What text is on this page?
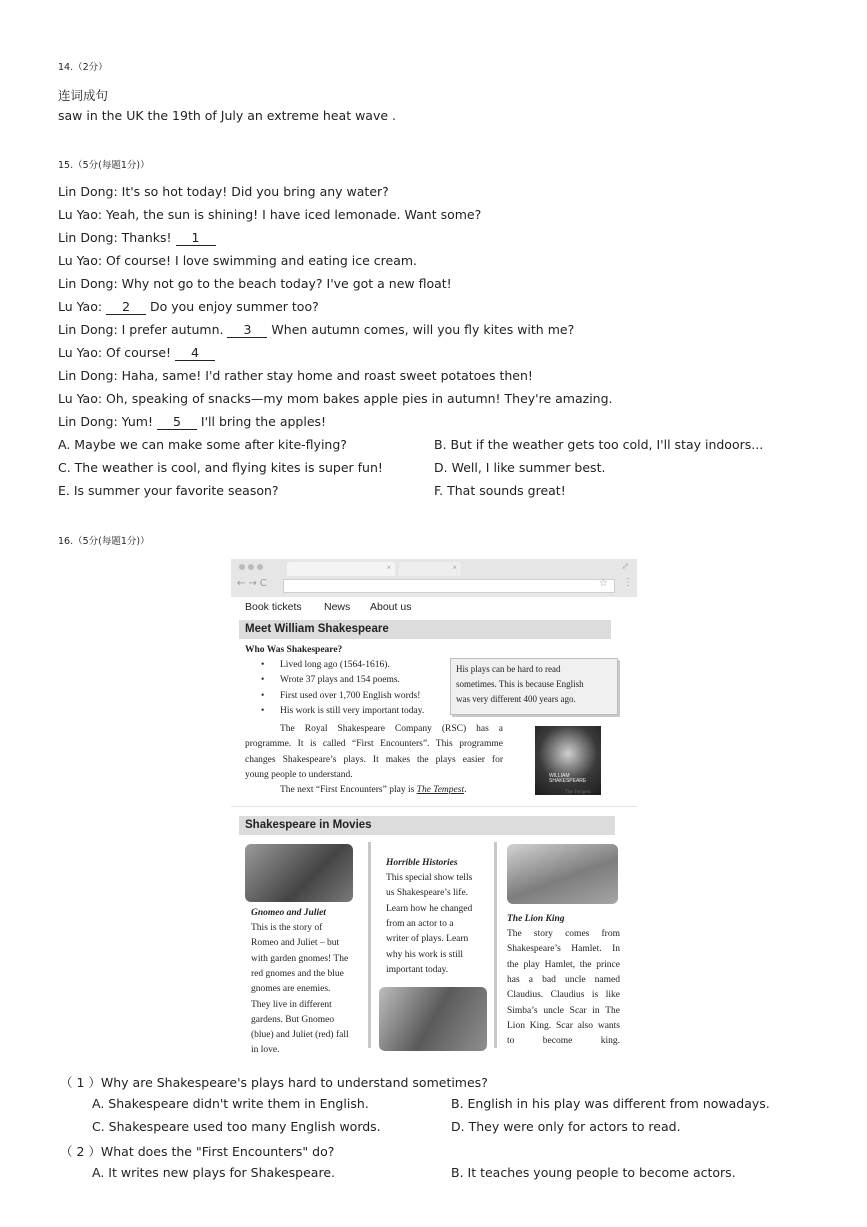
14.（2分）
连词成句
saw in the UK the 19th of July an extreme heat wave .
15.（5分(每题1分)）
Lin Dong: It's so hot today! Did you bring any water?
Lu Yao: Yeah, the sun is shining! I have iced lemonade. Want some?
Lin Dong: Thanks! 1
Lu Yao: Of course! I love swimming and eating ice cream.
Lin Dong: Why not go to the beach today? I've got a new float!
Lu Yao: 2 Do you enjoy summer too?
Lin Dong: I prefer autumn. 3 When autumn comes, will you fly kites with me?
Lu Yao: Of course! 4
Lin Dong: Haha, same! I'd rather stay home and roast sweet potatoes then!
Lu Yao: Oh, speaking of snacks—my mom bakes apple pies in autumn! They're amazing.
Lin Dong: Yum! 5 I'll bring the apples!
A. Maybe we can make some after kite-flying?	B. But if the weather gets too cold, I'll stay indoors...
C. The weather is cool, and flying kites is super fun!	D. Well, I like summer best.
E. Is summer your favorite season?	F. That sounds great!
16.（5分(每题1分)）
×	×	⤢
←→C	☆ ⋮
Book tickets News About us
Meet William Shakespeare
Who Was Shakespeare?
• Lived long ago (1564-1616).
• Wrote 37 plays and 154 poems.
• First used over 1,700 English words!
• His work is still very important today.
His plays can be hard to read
sometimes. This is because English
was very different 400 years ago.
The Royal Shakespeare Company (RSC) has a
programme. It is called “First Encounters”. This programme
changes Shakespeare’s plays. It makes the plays easier for
young people to understand.
The next “First Encounters” play is The Tempest.
WILLIAM SHAKESPEARE
The Tempest
Shakespeare in Movies
Gnomeo and Juliet
This is the story of
Romeo and Juliet – but
with garden gnomes! The
red gnomes and the blue
gnomes are enemies.
They live in different
gardens. But Gnomeo
(blue) and Juliet (red) fall
in love.
Horrible Histories
This special show tells
us Shakespeare’s life.
Learn how he changed
from an actor to a
writer of plays. Learn
why his work is still
important today.
The Lion King
The story comes from
Shakespeare’s Hamlet. In
the play Hamlet, the prince
has a bad uncle named
Claudius. Claudius is like
Simba’s uncle Scar in The
Lion King. Scar also wants
to become king.
（ 1 ）Why are Shakespeare's plays hard to understand sometimes?
A. Shakespeare didn't write them in English.	B. English in his play was different from nowadays.
C. Shakespeare used too many English words.	D. They were only for actors to read.
（ 2 ）What does the "First Encounters" do?
A. It writes new plays for Shakespeare.	B. It teaches young people to become actors.
